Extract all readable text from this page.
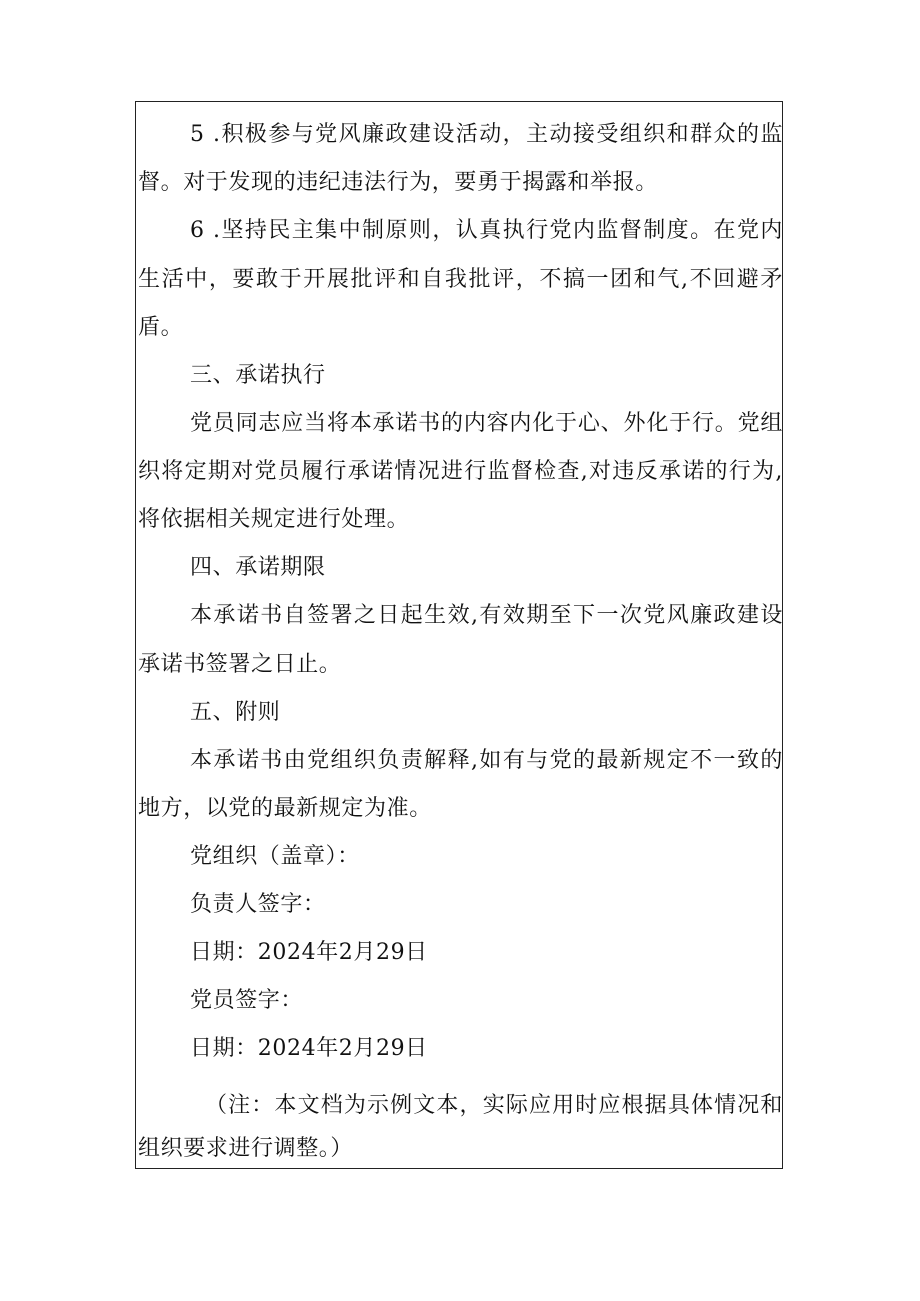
5 .积极参与党风廉政建设活动，主动接受组织和群众的监
督。对于发现的违纪违法行为，要勇于揭露和举报。
6 .坚持民主集中制原则，认真执行党内监督制度。在党内
生活中，要敢于开展批评和自我批评，不搞一团和气,不回避矛
盾。
三、承诺执行
党员同志应当将本承诺书的内容内化于心、外化于行。党组
织将定期对党员履行承诺情况进行监督检查,对违反承诺的行为,
将依据相关规定进行处理。
四、承诺期限
本承诺书自签署之日起生效,有效期至下一次党风廉政建设
承诺书签署之日止。
五、附则
本承诺书由党组织负责解释,如有与党的最新规定不一致的
地方，以党的最新规定为准。
党组织（盖章）：
负责人签字：
日期：2024年2月29日
党员签字：
日期：2024年2月29日
（注：本文档为示例文本，实际应用时应根据具体情况和
组织要求进行调整。）
